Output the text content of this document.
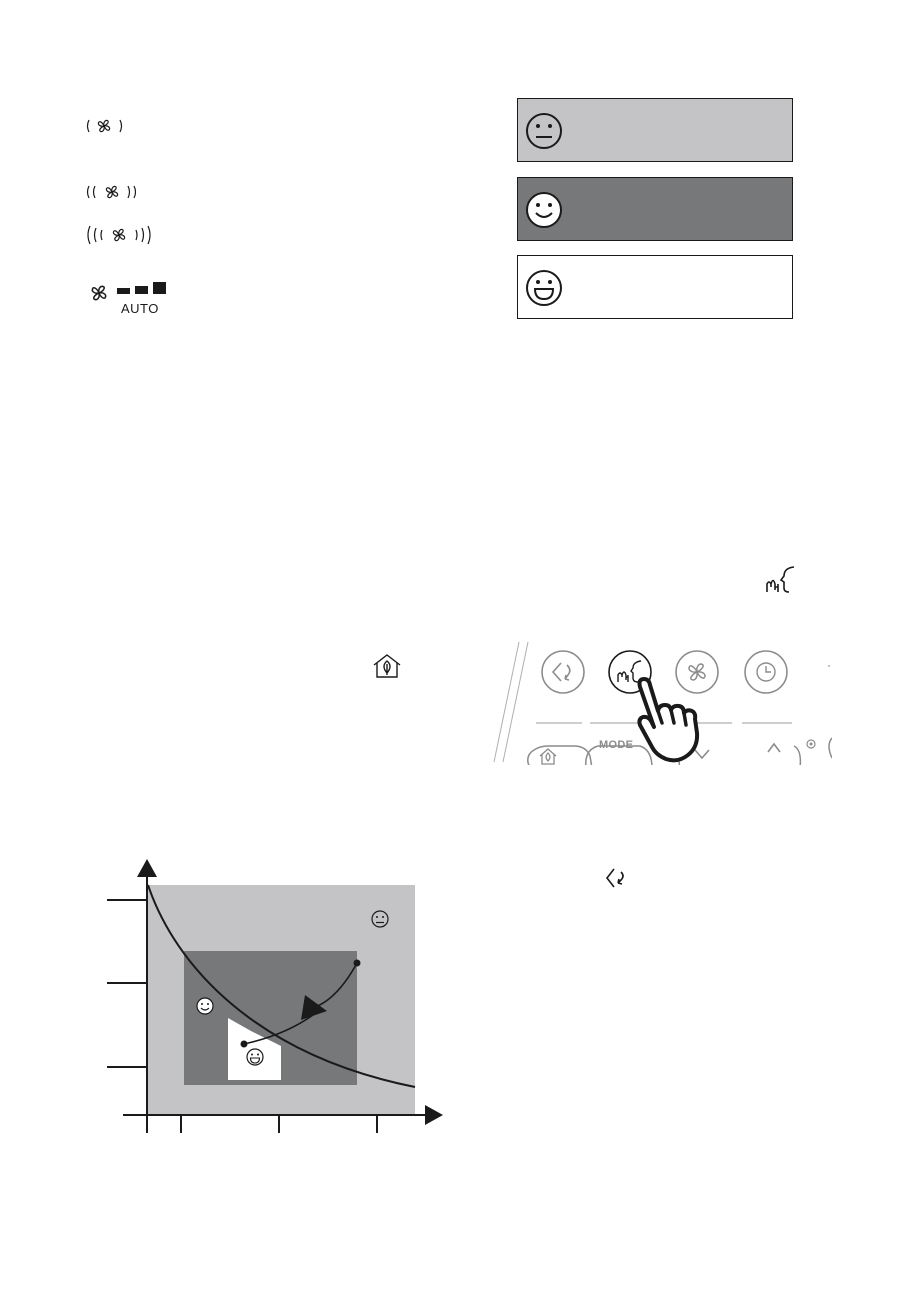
AUTO
MODE
